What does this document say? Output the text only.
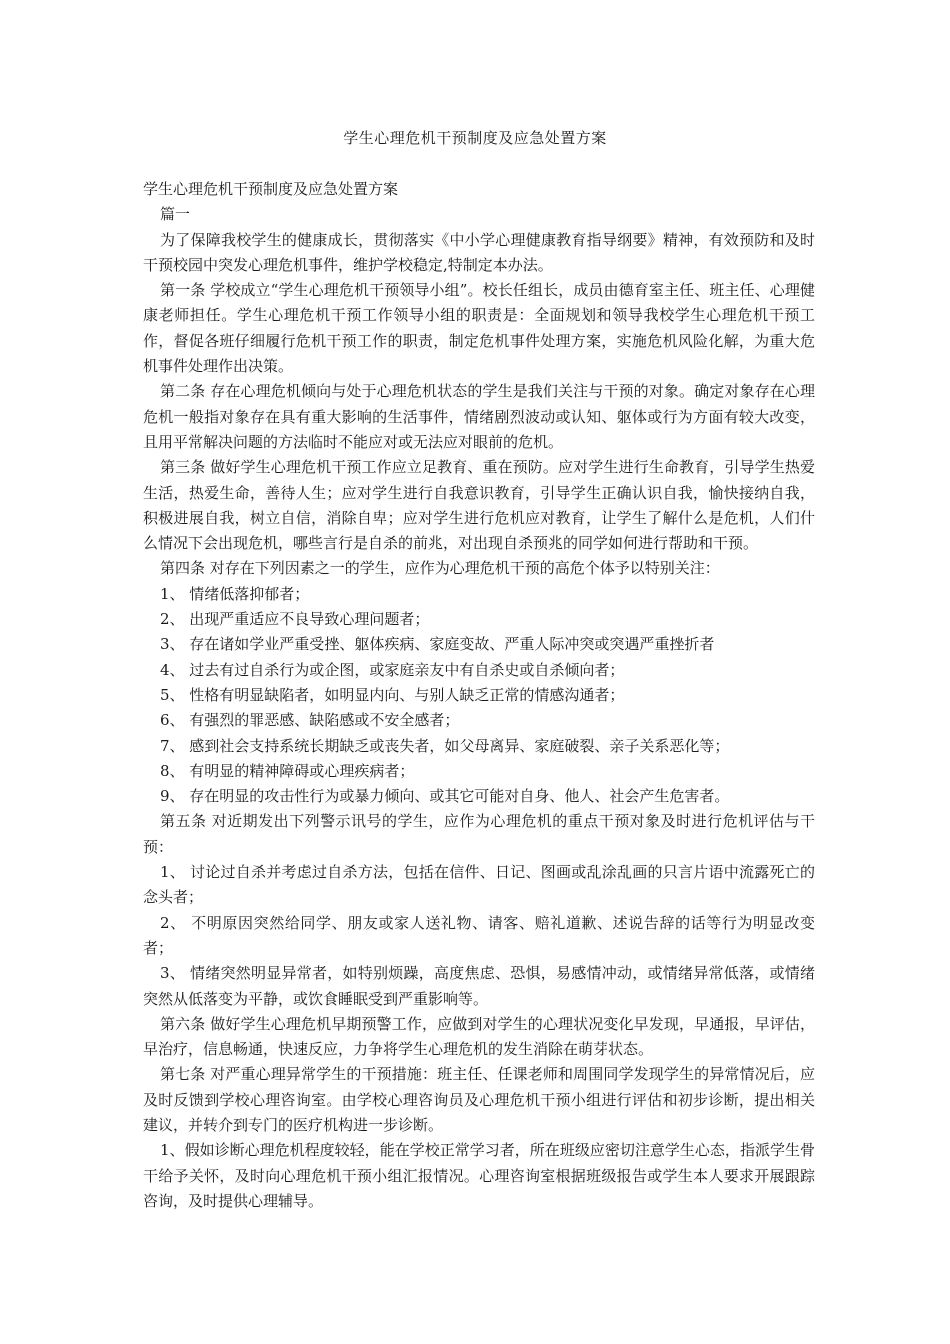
学生心理危机干预制度及应急处置方案

学生心理危机干预制度及应急处置方案

篇一

为了保障我校学生的健康成长，贯彻落实《中小学心理健康教育指导纲要》精神，有效预防和及时干预校园中突发心理危机事件，维护学校稳定,特制定本办法。

第一条 学校成立“学生心理危机干预领导小组”。校长任组长，成员由德育室主任、班主任、心理健康老师担任。学生心理危机干预工作领导小组的职责是：全面规划和领导我校学生心理危机干预工作，督促各班仔细履行危机干预工作的职责，制定危机事件处理方案，实施危机风险化解，为重大危机事件处理作出决策。

第二条 存在心理危机倾向与处于心理危机状态的学生是我们关注与干预的对象。确定对象存在心理危机一般指对象存在具有重大影响的生活事件，情绪剧烈波动或认知、躯体或行为方面有较大改变，且用平常解决问题的方法临时不能应对或无法应对眼前的危机。

第三条 做好学生心理危机干预工作应立足教育、重在预防。应对学生进行生命教育，引导学生热爱生活，热爱生命，善待人生；应对学生进行自我意识教育，引导学生正确认识自我，愉快接纳自我，积极进展自我，树立自信，消除自卑；应对学生进行危机应对教育，让学生了解什么是危机，人们什么情况下会出现危机，哪些言行是自杀的前兆，对出现自杀预兆的同学如何进行帮助和干预。

第四条 对存在下列因素之一的学生，应作为心理危机干预的高危个体予以特别关注：

1、 情绪低落抑郁者；

2、 出现严重适应不良导致心理问题者；

3、 存在诸如学业严重受挫、躯体疾病、家庭变故、严重人际冲突或突遇严重挫折者

4、 过去有过自杀行为或企图，或家庭亲友中有自杀史或自杀倾向者；

5、 性格有明显缺陷者，如明显内向、与别人缺乏正常的情感沟通者；

6、 有强烈的罪恶感、缺陷感或不安全感者；

7、 感到社会支持系统长期缺乏或丧失者，如父母离异、家庭破裂、亲子关系恶化等；

8、 有明显的精神障碍或心理疾病者；

9、 存在明显的攻击性行为或暴力倾向、或其它可能对自身、他人、社会产生危害者。

第五条 对近期发出下列警示讯号的学生，应作为心理危机的重点干预对象及时进行危机评估与干预：

1、 讨论过自杀并考虑过自杀方法，包括在信件、日记、图画或乱涂乱画的只言片语中流露死亡的念头者；

2、 不明原因突然给同学、朋友或家人送礼物、请客、赔礼道歉、述说告辞的话等行为明显改变者；

3、 情绪突然明显异常者，如特别烦躁，高度焦虑、恐惧，易感情冲动，或情绪异常低落，或情绪突然从低落变为平静，或饮食睡眠受到严重影响等。

第六条 做好学生心理危机早期预警工作，应做到对学生的心理状况变化早发现，早通报，早评估，早治疗，信息畅通，快速反应，力争将学生心理危机的发生消除在萌芽状态。

第七条 对严重心理异常学生的干预措施：班主任、任课老师和周围同学发现学生的异常情况后，应及时反馈到学校心理咨询室。由学校心理咨询员及心理危机干预小组进行评估和初步诊断，提出相关建议，并转介到专门的医疗机构进一步诊断。

1、假如诊断心理危机程度较轻，能在学校正常学习者，所在班级应密切注意学生心态，指派学生骨干给予关怀，及时向心理危机干预小组汇报情况。心理咨询室根据班级报告或学生本人要求开展跟踪咨询，及时提供心理辅导。
